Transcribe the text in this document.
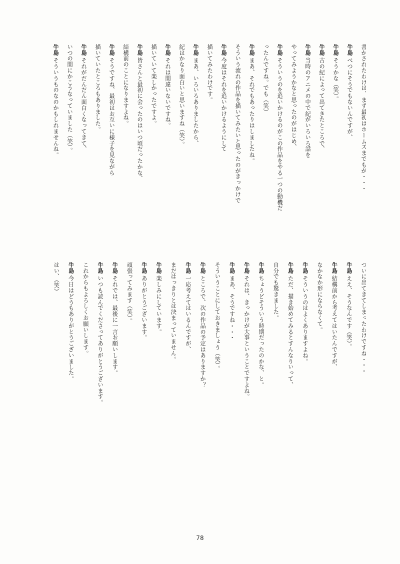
書かされたわけは、まず最初はホームズまでもが・・・
牛島べつにそうでもないんですが、
牛島そうかな（笑）。
牛島古の紀によって出てきたところで、
牛島当時のアニメの中で紀がいろいろ話を
やってみようかなと思ったのがはじめ、
牛島そういうのを追いかけるのがこの作品をやる一つの動機だ
ったんですね。でも（笑）
牛島まあ、それでもあったりはしましたね。
そういう流れの作品を描いてみたいと思ったのがきっかけで
牛島今度はそれを追いかけるようにして
描いてみたわけです。
牛島まあ、いろいろありましたから、
紀はかなり面白いと思いますね（笑）。
牛島それは間違いないですね。
描いていて楽しかったですよ。
牛島皆さんと最初に会ったのはいつ頃だったかな、
結構前のことになりますよね。
牛島そうですね、最初はお互いに様子を見ながら
描いていたところもありました。
牛島それがだんだん面白くなってきて、
いつの間にかこうなっていました（笑）。
牛島そういうものなのかもしれませんね。
ついに出てきてしまったわけですね・・・
牛島ええ、そうなんです（笑）。
牛島結構前から考えてはいたんですが、
なかなか形にならなくて。
牛島そういうのはよくありますよね。
牛島ただ、描き始めてみるとすんなりいって、
自分でも驚きました。
牛島ちょうどそういう時期だったのかな、と。
牛島それは、きっかけが大事ということですよね。
牛島まあ、そうですね・・・
そういうことにしておきましょう（笑）。
牛島ところで、次の作品の予定はありますか？
牛島一応考えてはいるんですが、
まだはっきりとは決まっていません。
牛島楽しみにしています。
牛島ありがとうございます。
頑張ってみます（笑）。
牛島それでは、最後に一言お願いします。
牛島いつも読んでくださってありがとうございます。
これからもよろしくお願いします。
牛島今日はどうもありがとうございました。
はい、（笑）
78
